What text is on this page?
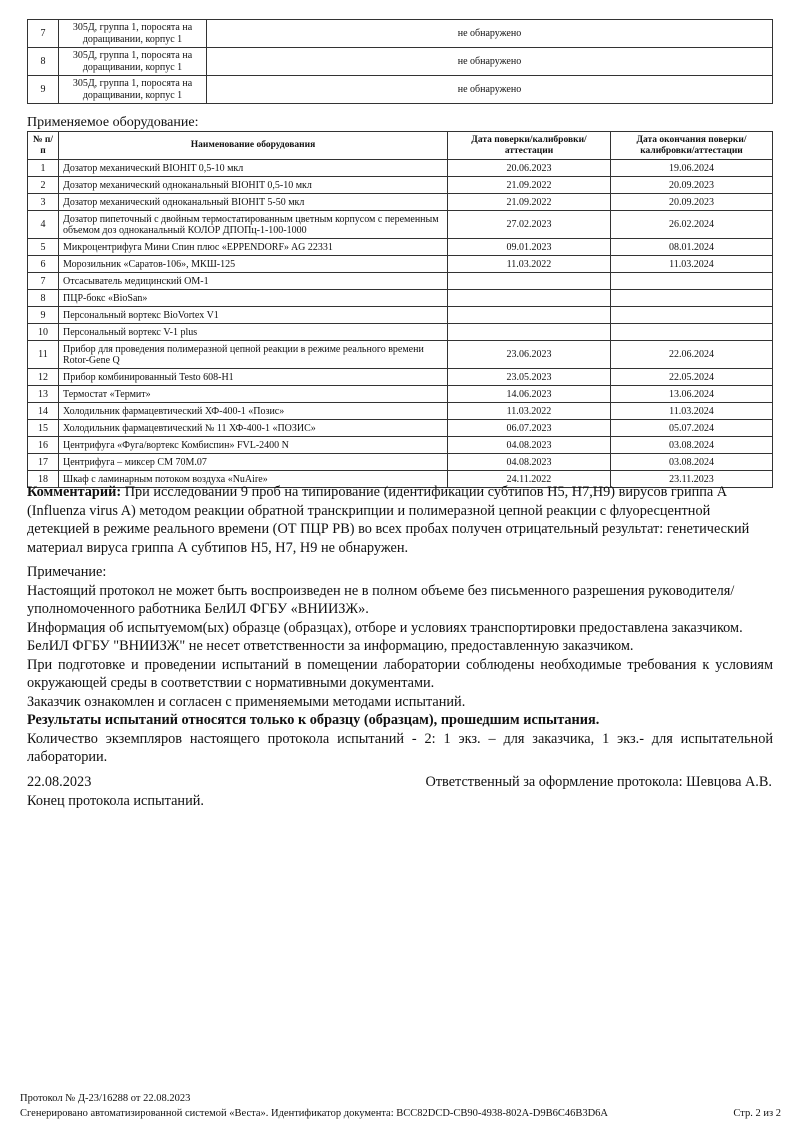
7	305Д, группа 1, поросята на доращивании, корпус 1	не обнаружено
8	305Д, группа 1, поросята на доращивании, корпус 1	не обнаружено
9	305Д, группа 1, поросята на доращивании, корпус 1	не обнаружено
Применяемое оборудование:
№ п/п	Наименование оборудования	Дата поверки/калибровки/аттестации	Дата окончания поверки/калибровки/аттестации
1	Дозатор механический BIOHIT 0,5-10 мкл	20.06.2023	19.06.2024
2	Дозатор механический одноканальный BIOHIT 0,5-10 мкл	21.09.2022	20.09.2023
3	Дозатор механический одноканальный BIOHIT 5-50 мкл	21.09.2022	20.09.2023
4	Дозатор пипеточный с двойным термостатированным цветным корпусом с переменным объемом доз одноканальный КОЛОР ДПОПц-1-100-1000	27.02.2023	26.02.2024
5	Микроцентрифуга Мини Спин плюс «EPPENDORF» AG 22331	09.01.2023	08.01.2024
6	Морозильник «Саратов-106», МКШ-125	11.03.2022	11.03.2024
7	Отсасыватель медицинский ОМ-1		
8	ПЦР-бокс «BioSan»		
9	Персональный вортекс BioVortex V1		
10	Персональный вортекс V-1 plus		
11	Прибор для проведения полимеразной цепной реакции в режиме реального времени Rotor-Gene Q	23.06.2023	22.06.2024
12	Прибор комбинированный Testo 608-H1	23.05.2023	22.05.2024
13	Термостат «Термит»	14.06.2023	13.06.2024
14	Холодильник фармацевтический ХФ-400-1 «Позис»	11.03.2022	11.03.2024
15	Холодильник фармацевтический № 11 ХФ-400-1 «ПОЗИС»	06.07.2023	05.07.2024
16	Центрифуга «Фуга/вортекс Комбиспин» FVL-2400 N	04.08.2023	03.08.2024
17	Центрифуга – миксер СМ 70М.07	04.08.2023	03.08.2024
18	Шкаф с ламинарным потоком воздуха «NuAire»	24.11.2022	23.11.2023

Комментарий: При исследовании 9 проб на типирование (идентификации субтипов H5, H7,H9) вирусов гриппа А (Influenza virus A) методом реакции обратной транскрипции и полимеразной цепной реакции с флуоресцентной детекцией в режиме реального времени (ОТ ПЦР РВ) во всех пробах получен отрицательный результат: генетический материал вируса гриппа А субтипов H5, H7, H9 не обнаружен.

Примечание:

Настоящий протокол не может быть воспроизведен не в полном объеме без письменного разрешения руководителя/уполномоченного работника БелИЛ ФГБУ «ВНИИЗЖ».

Информация об испытуемом(ых) образце (образцах), отборе и условиях транспортировки предоставлена заказчиком.

БелИЛ ФГБУ "ВНИИЗЖ" не несет ответственности за информацию, предоставленную заказчиком.

При подготовке и проведении испытаний в помещении лаборатории соблюдены необходимые требования к условиям окружающей среды в соответствии с нормативными документами.

Заказчик ознакомлен и согласен с применяемыми методами испытаний.

Результаты испытаний относятся только к образцу (образцам), прошедшим испытания.

Количество экземпляров настоящего протокола испытаний - 2: 1 экз. – для заказчика, 1 экз.- для испытательной лаборатории.

22.08.2023	Ответственный за оформление протокола: Шевцова А.В.
Конец протокола испытаний.
Протокол № Д-23/16288 от 22.08.2023
Сгенерировано автоматизированной системой «Веста». Идентификатор документа: BCC82DCD-CB90-4938-802A-D9B6C46B3D6A	Стр. 2 из 2
